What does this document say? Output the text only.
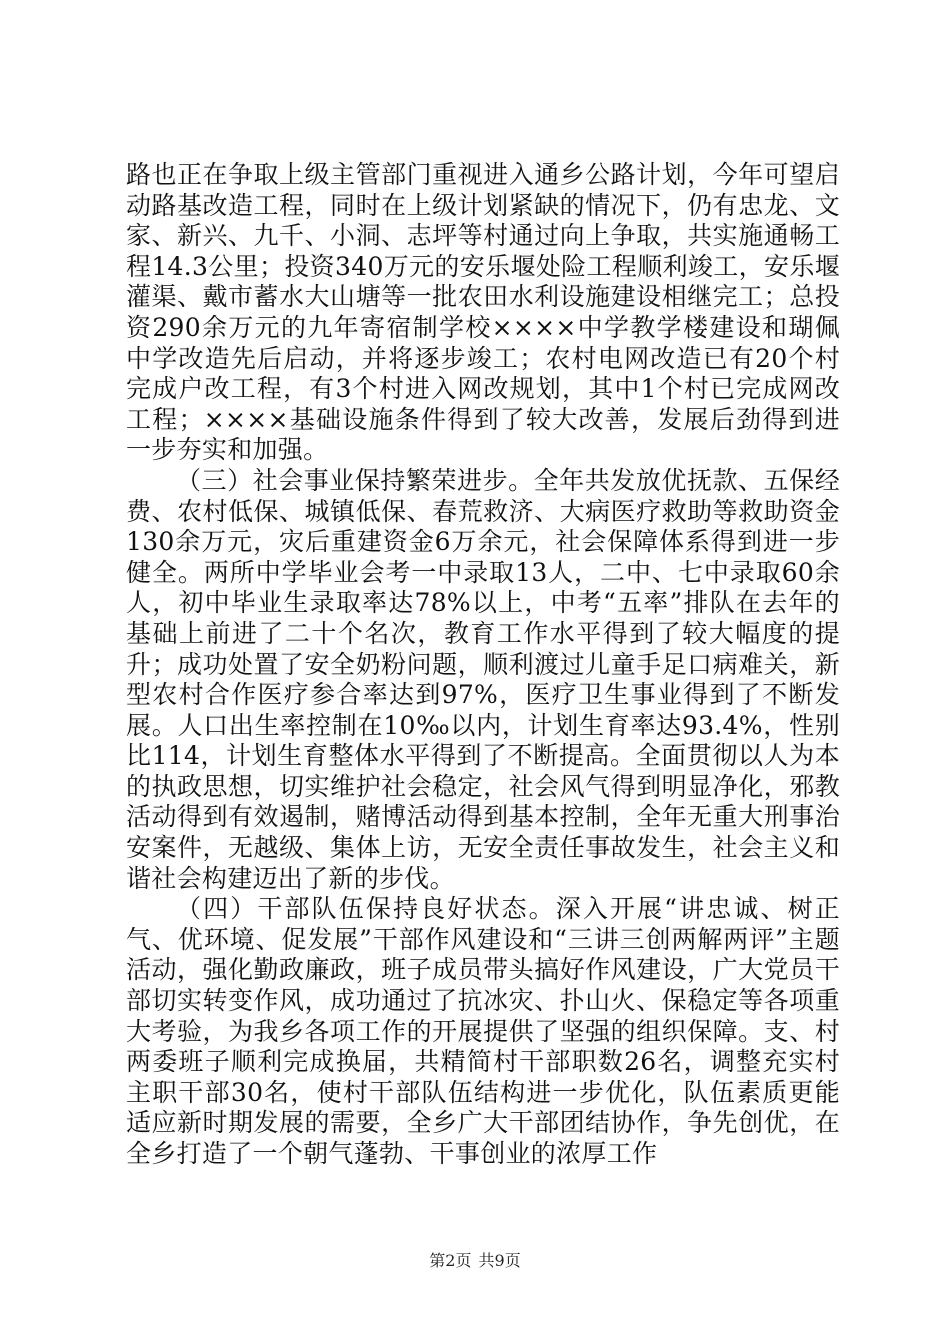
路也正在争取上级主管部门重视进入通乡公路计划，今年可望启动路基改造工程，同时在上级计划紧缺的情况下，仍有忠龙、文家、新兴、九千、小洞、志坪等村通过向上争取，共实施通畅工程14.3公里；投资340万元的安乐堰处险工程顺利竣工，安乐堰灌渠、戴市蓄水大山塘等一批农田水利设施建设相继完工；总投资290余万元的九年寄宿制学校××××中学教学楼建设和瑚佩中学改造先后启动，并将逐步竣工；农村电网改造已有20个村完成户改工程，有3个村进入网改规划，其中1个村已完成网改工程；××××基础设施条件得到了较大改善，发展后劲得到进一步夯实和加强。

（三）社会事业保持繁荣进步。全年共发放优抚款、五保经费、农村低保、城镇低保、春荒救济、大病医疗救助等救助资金130余万元，灾后重建资金6万余元，社会保障体系得到进一步健全。两所中学毕业会考一中录取13人，二中、七中录取60余人，初中毕业生录取率达78%以上，中考“五率”排队在去年的基础上前进了二十个名次，教育工作水平得到了较大幅度的提升；成功处置了安全奶粉问题，顺利渡过儿童手足口病难关，新型农村合作医疗参合率达到97%，医疗卫生事业得到了不断发展。人口出生率控制在10‰以内，计划生育率达93.4%，性别比114，计划生育整体水平得到了不断提高。全面贯彻以人为本的执政思想，切实维护社会稳定，社会风气得到明显净化，邪教活动得到有效遏制，赌博活动得到基本控制，全年无重大刑事治安案件，无越级、集体上访，无安全责任事故发生，社会主义和谐社会构建迈出了新的步伐。

（四）干部队伍保持良好状态。深入开展“讲忠诚、树正气、优环境、促发展”干部作风建设和“三讲三创两解两评”主题活动，强化勤政廉政，班子成员带头搞好作风建设，广大党员干部切实转变作风，成功通过了抗冰灾、扑山火、保稳定等各项重大考验，为我乡各项工作的开展提供了坚强的组织保障。支、村两委班子顺利完成换届，共精简村干部职数26名，调整充实村主职干部30名，使村干部队伍结构进一步优化，队伍素质更能适应新时期发展的需要，全乡广大干部团结协作，争先创优，在全乡打造了一个朝气蓬勃、干事创业的浓厚工作

第2页 共9页
